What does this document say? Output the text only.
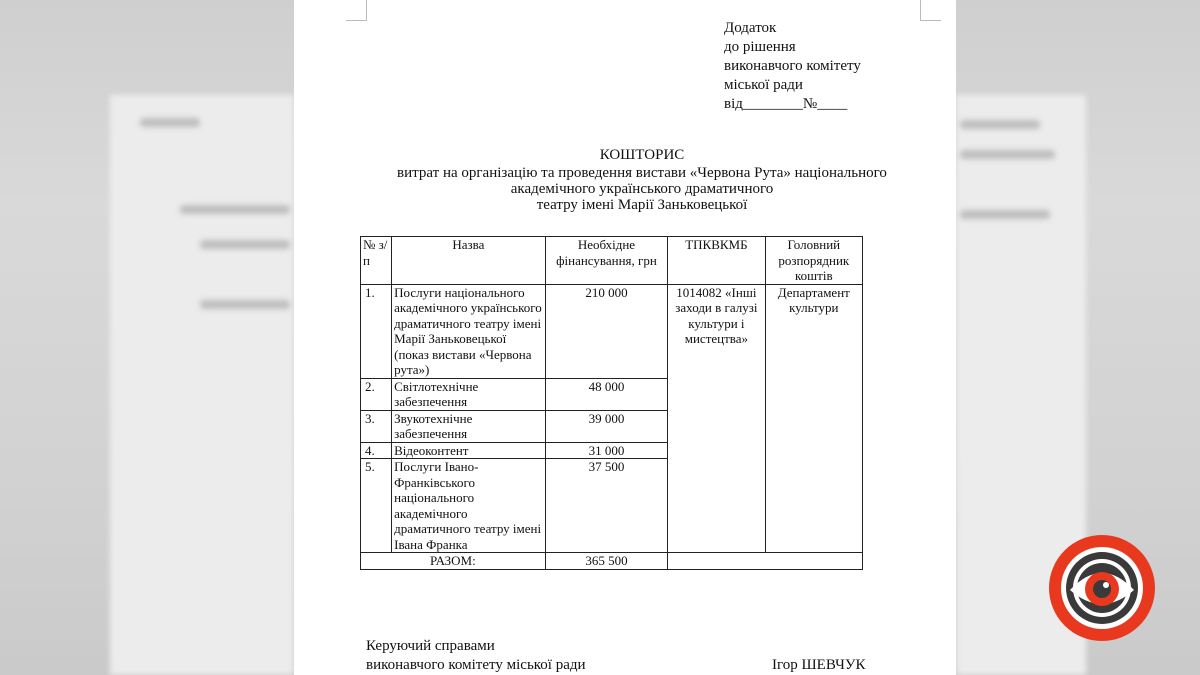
Додаток
до рішення
виконавчого комітету
міської ради
від________№____
КОШТОРИС
витрат на організацію та проведення вистави «Червона Рута» національного
академічного українського драматичного
театру імені Марії Заньковецької
№ з/п	Назва	Необхідне фінансування, грн	ТПКВКМБ	Головний розпорядник коштів
1.	Послуги національного академічного українського драматичного театру імені Марії Заньковецької (показ вистави «Червона рута»)	210 000	1014082 «Інші заходи в галузі культури і мистецтва»	Департамент культури
2.	Світлотехнічне забезпечення	48 000		
3.	Звукотехнічне забезпечення	39 000		
4.	Відеоконтент	31 000		
5.	Послуги Івано-Франківського національного академічного драматичного театру імені Івана Франка	37 500		
РАЗОМ:		365 500		
Керуючий справами
виконавчого комітету міської ради	Ігор ШЕВЧУК
